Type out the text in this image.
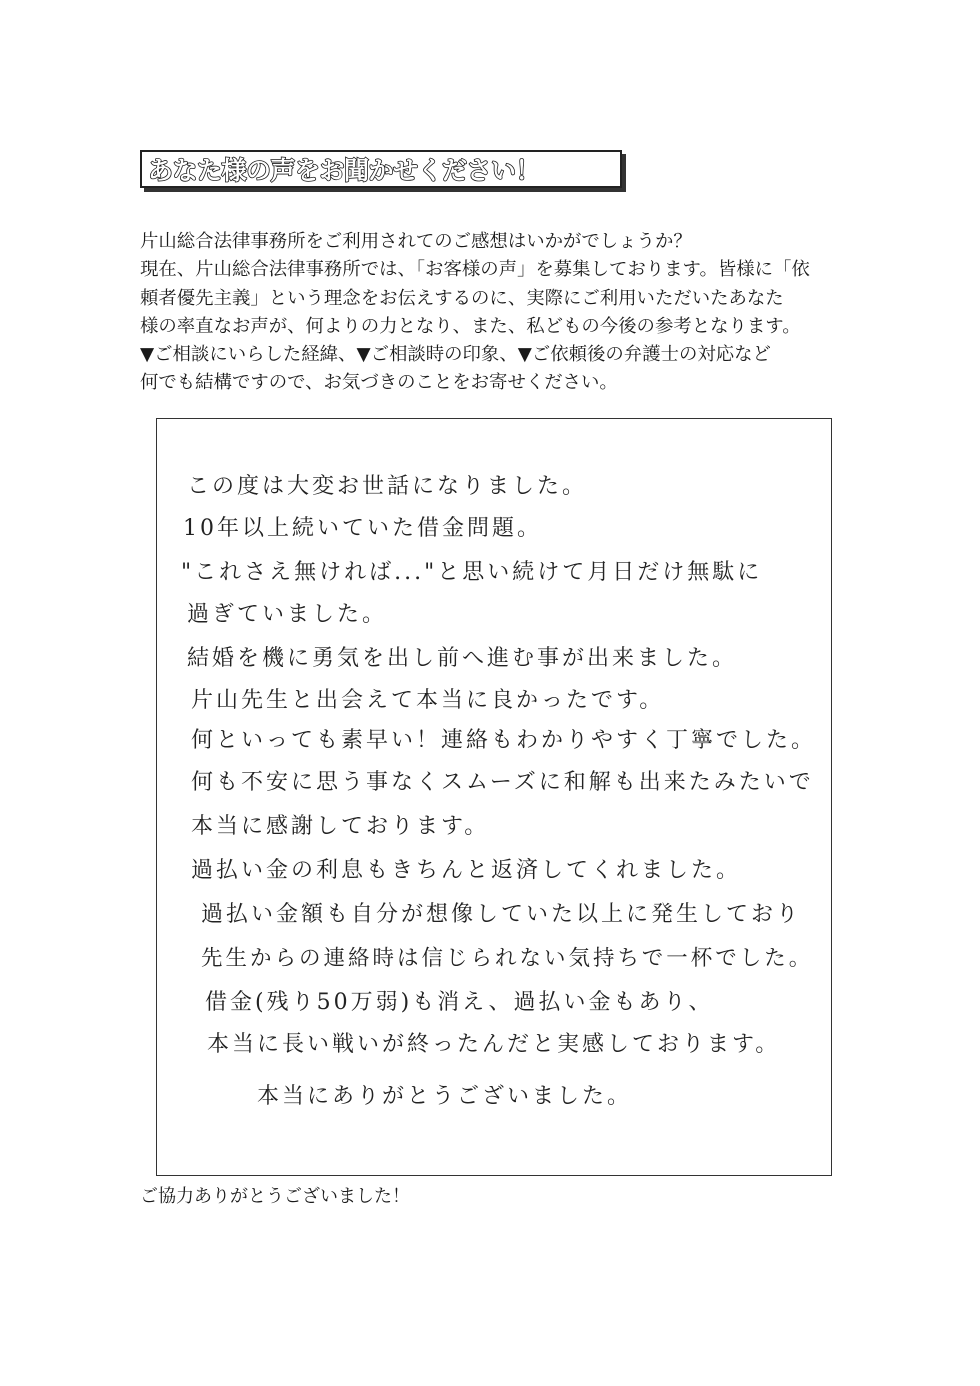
あなた様の声をお聞かせください！
片山総合法律事務所をご利用されてのご感想はいかがでしょうか？
現在、片山総合法律事務所では、「お客様の声」を募集しております。皆様に「依
頼者優先主義」という理念をお伝えするのに、実際にご利用いただいたあなた
様の率直なお声が、何よりの力となり、また、私どもの今後の参考となります。
▼ご相談にいらした経緯、▼ご相談時の印象、▼ご依頼後の弁護士の対応など
何でも結構ですので、お気づきのことをお寄せください。
この度は大変お世話になりました。
10年以上続いていた借金問題。
"これさえ無ければ..."と思い続けて月日だけ無駄に
過ぎていました。
結婚を機に勇気を出し前へ進む事が出来ました。
片山先生と出会えて本当に良かったです。
何といっても素早い！連絡もわかりやすく丁寧でした。
何も不安に思う事なくスムーズに和解も出来たみたいで
本当に感謝しております。
過払い金の利息もきちんと返済してくれました。
過払い金額も自分が想像していた以上に発生しており
先生からの連絡時は信じられない気持ちで一杯でした。
借金(残り50万弱)も消え、過払い金もあり、
本当に長い戦いが終ったんだと実感しております。
本当にありがとうございました。
ご協力ありがとうございました！
